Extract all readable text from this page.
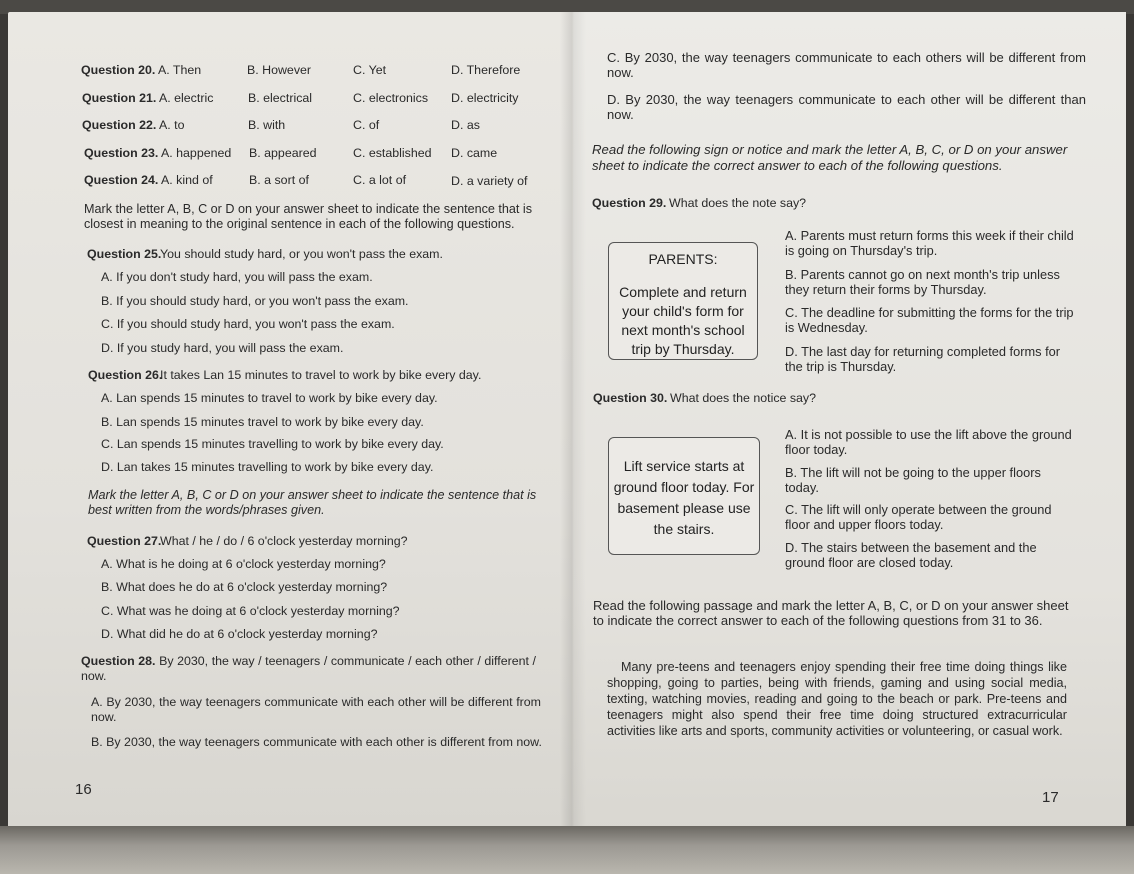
Question 20. A. Then	B. However	C. Yet	D. Therefore
Question 21. A. electric	B. electrical	C. electronics D. electricity
Question 22. A. to	B. with	C. of	D. as
Question 23. A. happened B. appeared	C. established D. came
Question 24. A. kind of	B. a sort of	C. a lot of	D. a variety of

Mark the letter A, B, C or D on your answer sheet to indicate the sentence that is closest in meaning to the original sentence in each of the following questions.

Question 25.
You should study hard, or you won't pass the exam.
A. If you don't study hard, you will pass the exam.
B. If you should study hard, or you won't pass the exam.
C. If you should study hard, you won't pass the exam.
D. If you study hard, you will pass the exam.
Question 26.
It takes Lan 15 minutes to travel to work by bike every day.
A. Lan spends 15 minutes to travel to work by bike every day.
B. Lan spends 15 minutes travel to work by bike every day.
C. Lan spends 15 minutes travelling to work by bike every day.
D. Lan takes 15 minutes travelling to work by bike every day.

Mark the letter A, B, C or D on your answer sheet to indicate the sentence that is best written from the words/phrases given.

Question 27.
What / he / do / 6 o'clock yesterday morning?
A. What is he doing at 6 o'clock yesterday morning?
B. What does he do at 6 o'clock yesterday morning?
C. What was he doing at 6 o'clock yesterday morning?
D. What did he do at 6 o'clock yesterday morning?

Question 28. By 2030, the way / teenagers / communicate / each other / different / now.

A. By 2030, the way teenagers communicate with each other will be different from now.
B. By 2030, the way teenagers communicate with each other is different from now.
16
C. By 2030, the way teenagers communicate to each others will be different from now.
D. By 2030, the way teenagers communicate to each other will be different than now.

Read the following sign or notice and mark the letter A, B, C, or D on your answer sheet to indicate the correct answer to each of the following questions.

Question 29. What does the note say?
PARENTS:
Complete and return your child's form for next month's school trip by Thursday.
A. Parents must return forms this week if their child is going on Thursday's trip.
B. Parents cannot go on next month's trip unless they return their forms by Thursday.
C. The deadline for submitting the forms for the trip is Wednesday.
D. The last day for returning completed forms for the trip is Thursday.
Question 30. What does the notice say?
Lift service starts at ground floor today. For basement please use the stairs.
A. It is not possible to use the lift above the ground floor today.
B. The lift will not be going to the upper floors today.
C. The lift will only operate between the ground floor and upper floors today.
D. The stairs between the basement and the ground floor are closed today.

Read the following passage and mark the letter A, B, C, or D on your answer sheet to indicate the correct answer to each of the following questions from 31 to 36.

Many pre-teens and teenagers enjoy spending their free time doing things like shopping, going to parties, being with friends, gaming and using social media, texting, watching movies, reading and going to the beach or park. Pre-teens and teenagers might also spend their free time doing structured extracurricular activities like arts and sports, community activities or volunteering, or casual work.

17
